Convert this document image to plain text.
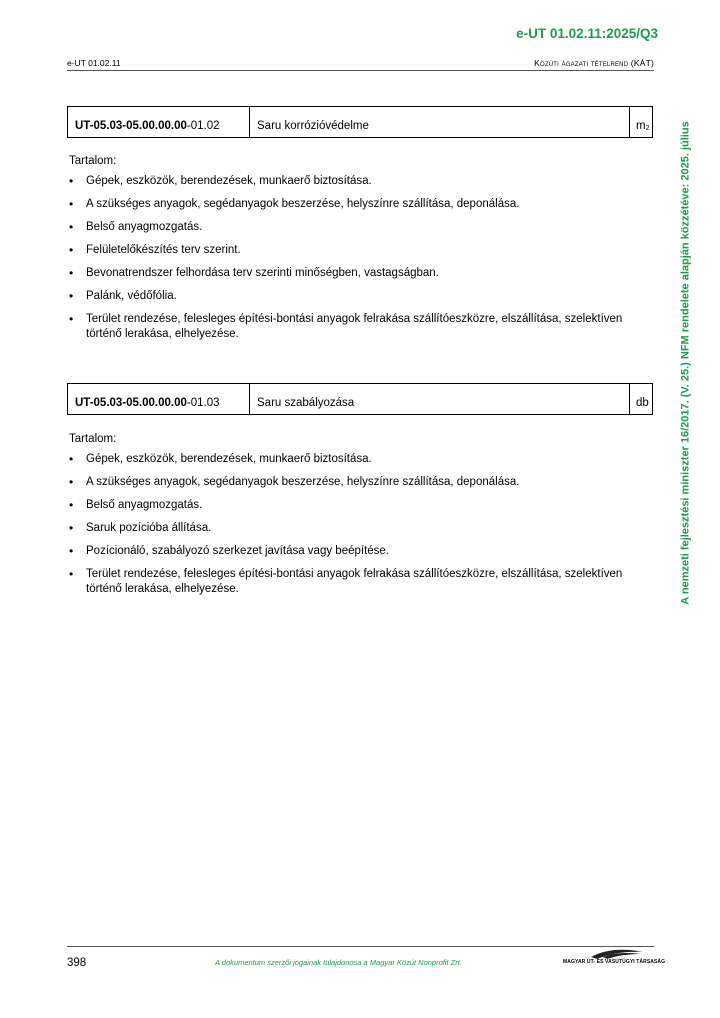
e-UT 01.02.11:2025/Q3
e-UT 01.02.11	Közúti ágazati tételrend (KÁT)
A nemzeti fejlesztési miniszter 16/2017. (V. 25.) NFM rendelete alapján közzétéve: 2025. július
UT-05.03-05.00.00.00 -01.02	Saru korrózióvédelme	$m_2$
Tartalom:
• Gépek, eszközök, berendezések, munkaerő biztosítása.
• A szükséges anyagok, segédanyagok beszerzése, helyszínre szállítása, deponálása.
• Belső anyagmozgatás.
• Felületelőkészítés terv szerint.
• Bevonatrendszer felhordása terv szerinti minőségben, vastagságban.
• Palánk, védőfólia.
• Terület rendezése, felesleges építési-bontási anyagok felrakása szállítóeszközre, elszállítása, szelektíven történő lerakása, elhelyezése.
UT-05.03-05.00.00.00 -01.03	Saru szabályozása	db
Tartalom:
• Gépek, eszközök, berendezések, munkaerő biztosítása.
• A szükséges anyagok, segédanyagok beszerzése, helyszínre szállítása, deponálása.
• Belső anyagmozgatás.
• Saruk pozícióba állítása.
• Pozícionáló, szabályozó szerkezet javítása vagy beépítése.
• Terület rendezése, felesleges építési-bontási anyagok felrakása szállítóeszközre, elszállítása, szelektíven történő lerakása, elhelyezése.
398	A dokumentum szerzői jogainak tulajdonosa a Magyar Közút Nonprofit Zrt.	MAGYAR ÚT- ÉS VASÚTÜGYI TÁRSASÁG
